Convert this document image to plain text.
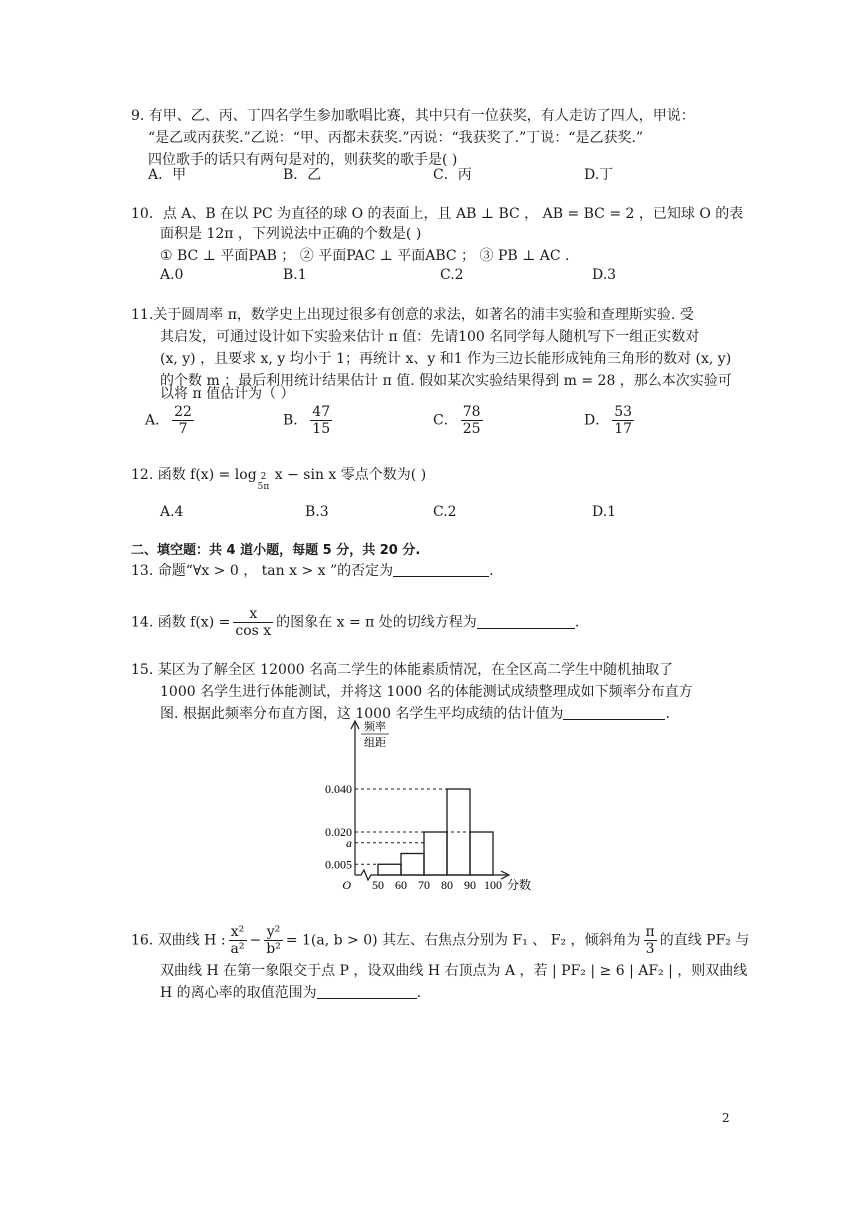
9. 有甲、乙、丙、丁四名学生参加歌唱比赛，其中只有一位获奖，有人走访了四人，甲说：
“是乙或丙获奖.”乙说：“甲、丙都未获奖.”丙说：“我获奖了.”丁说：“是乙获奖.”
四位歌手的话只有两句是对的，则获奖的歌手是( )
A．甲	B．乙	C．丙	D.丁
10．点 A、B 在以 PC 为直径的球 O 的表面上，且 AB ⊥ BC ， AB = BC = 2 ，已知球 O 的表
面积是 12π ，下列说法中正确的个数是( )
① BC ⊥ 平面PAB ； ② 平面PAC ⊥ 平面ABC ； ③ PB ⊥ AC .
A.0	B.1	C.2	D.3
11.关于圆周率 π，数学史上出现过很多有创意的求法，如著名的浦丰实验和查理斯实验. 受
其启发，可通过设计如下实验来估计 π 值：先请100 名同学每人随机写下一组正实数对
(x, y) ，且要求 x, y 均小于 1；再统计 x、y 和1 作为三边长能形成钝角三角形的数对 (x, y)
的个数 m ；最后利用统计结果估计 π 值. 假如某次实验结果得到 m = 28 ，那么本次实验可
以将 π 值估计为（ ）
A． $\frac{22}{7}$	B． $\frac{47}{15}$	C． $\frac{78}{25}$	D． $\frac{53}{17}$
12. 函数 f(x) = log 2
5π
x − sin x 零点个数为( )
A.4	B.3	C.2	D.1
二、填空题：共 4 道小题，每题 5 分，共 20 分.
13. 命题“∀x > 0 ， tan x > x ”的否定为	.
14. 函数 $f(x) = \frac{x}{\text{cos x}}$ 的图象在 x = π 处的切线方程为	.
15. 某区为了解全区 12000 名高二学生的体能素质情况，在全区高二学生中随机抽取了
1000 名学生进行体能测试，并将这 1000 名的体能测试成绩整理成如下频率分布直方
图. 根据此频率分布直方图，这 1000 名学生平均成绩的估计值为	.
0.040
0.020
a
0.005
50 60 70 80 90 100
O	分数
频率
组距
16. 双曲线 H : $\frac{\text{x²}}{\text{a²}} - \frac{\text{y²}}{\text{b²}} = 1(a$, b > 0) 其左、右焦点分别为 F₁ 、 F₂ ，倾斜角为 $\frac{\pi}{3}$ 的直线 PF₂ 与
双曲线 H 在第一象限交于点 P ，设双曲线 H 右顶点为 A ，若 | PF₂ | ≥ 6 | AF₂ | ，则双曲线
H 的离心率的取值范围为	.
2
